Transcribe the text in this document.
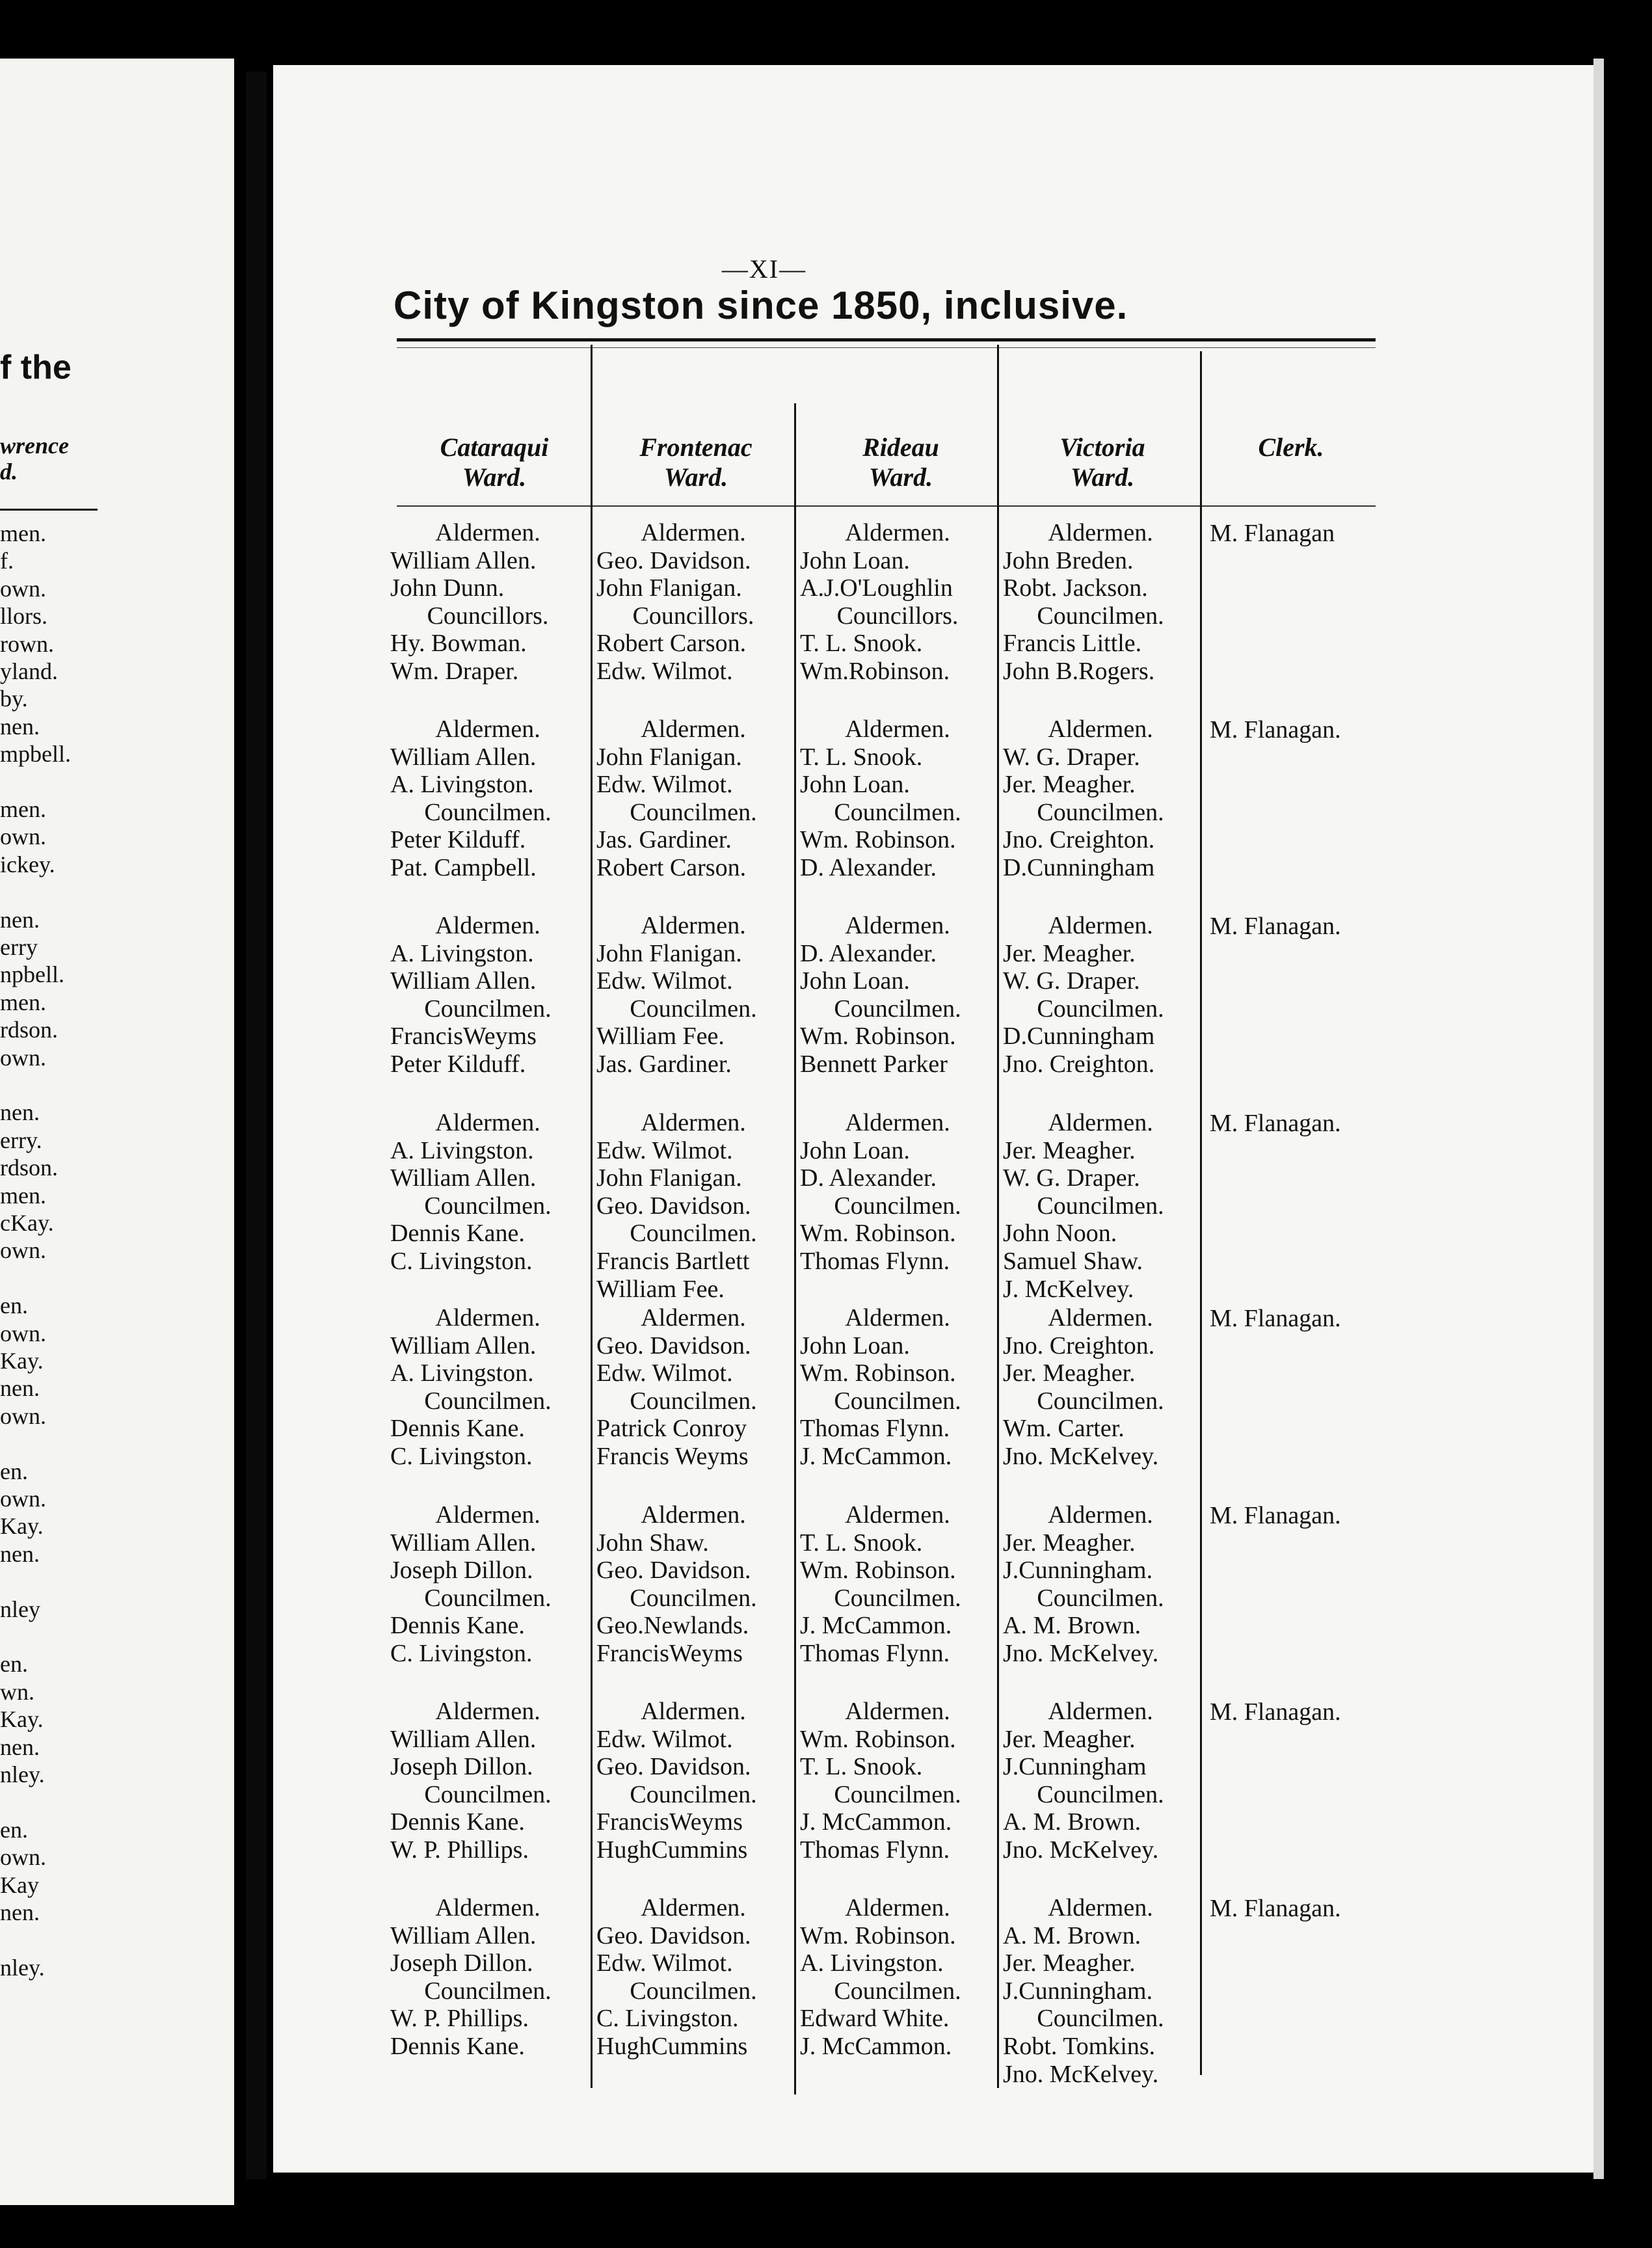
f the
wrence
d.
men.
f.
own.
llors.
rown.
yland.
by.
nen.
mpbell.
men.
own.
ickey.
nen.
erry
npbell.
men.
rdson.
own.
nen.
erry.
rdson.
men.
cKay.
own.
en.
own.
Kay.
nen.
own.
en.
own.
Kay.
nen.
nley
en.
wn.
Kay.
nen.
nley.
en.
own.
Kay
nen.
nley.
—XI—
City of Kingston since 1850, inclusive.
Cataraqui
Ward.
Frontenac
Ward.
Rideau
Ward.
Victoria
Ward.
Clerk.
Aldermen.
William Allen.
John Dunn.
Councillors.
Hy. Bowman.
Wm. Draper.
Aldermen.
Geo. Davidson.
John Flanigan.
Councillors.
Robert Carson.
Edw. Wilmot.
Aldermen.
John Loan.
A.J.O'Loughlin
Councillors.
T. L. Snook.
Wm.Robinson.
Aldermen.
John Breden.
Robt. Jackson.
Councilmen.
Francis Little.
John B.Rogers.
M. Flanagan
Aldermen.
William Allen.
A. Livingston.
Councilmen.
Peter Kilduff.
Pat. Campbell.
Aldermen.
John Flanigan.
Edw. Wilmot.
Councilmen.
Jas. Gardiner.
Robert Carson.
Aldermen.
T. L. Snook.
John Loan.
Councilmen.
Wm. Robinson.
D. Alexander.
Aldermen.
W. G. Draper.
Jer. Meagher.
Councilmen.
Jno. Creighton.
D.Cunningham
M. Flanagan.
Aldermen.
A. Livingston.
William Allen.
Councilmen.
FrancisWeyms
Peter Kilduff.
Aldermen.
John Flanigan.
Edw. Wilmot.
Councilmen.
William Fee.
Jas. Gardiner.
Aldermen.
D. Alexander.
John Loan.
Councilmen.
Wm. Robinson.
Bennett Parker
Aldermen.
Jer. Meagher.
W. G. Draper.
Councilmen.
D.Cunningham
Jno. Creighton.
M. Flanagan.
Aldermen.
A. Livingston.
William Allen.
Councilmen.
Dennis Kane.
C. Livingston.
Aldermen.
Edw. Wilmot.
John Flanigan.
Geo. Davidson.
Councilmen.
Francis Bartlett
William Fee.
Aldermen.
John Loan.
D. Alexander.
Councilmen.
Wm. Robinson.
Thomas Flynn.
Aldermen.
Jer. Meagher.
W. G. Draper.
Councilmen.
John Noon.
Samuel Shaw.
J. McKelvey.
M. Flanagan.
Aldermen.
William Allen.
A. Livingston.
Councilmen.
Dennis Kane.
C. Livingston.
Aldermen.
Geo. Davidson.
Edw. Wilmot.
Councilmen.
Patrick Conroy
Francis Weyms
Aldermen.
John Loan.
Wm. Robinson.
Councilmen.
Thomas Flynn.
J. McCammon.
Aldermen.
Jno. Creighton.
Jer. Meagher.
Councilmen.
Wm. Carter.
Jno. McKelvey.
M. Flanagan.
Aldermen.
William Allen.
Joseph Dillon.
Councilmen.
Dennis Kane.
C. Livingston.
Aldermen.
John Shaw.
Geo. Davidson.
Councilmen.
Geo.Newlands.
FrancisWeyms
Aldermen.
T. L. Snook.
Wm. Robinson.
Councilmen.
J. McCammon.
Thomas Flynn.
Aldermen.
Jer. Meagher.
J.Cunningham.
Councilmen.
A. M. Brown.
Jno. McKelvey.
M. Flanagan.
Aldermen.
William Allen.
Joseph Dillon.
Councilmen.
Dennis Kane.
W. P. Phillips.
Aldermen.
Edw. Wilmot.
Geo. Davidson.
Councilmen.
FrancisWeyms
HughCummins
Aldermen.
Wm. Robinson.
T. L. Snook.
Councilmen.
J. McCammon.
Thomas Flynn.
Aldermen.
Jer. Meagher.
J.Cunningham
Councilmen.
A. M. Brown.
Jno. McKelvey.
M. Flanagan.
Aldermen.
William Allen.
Joseph Dillon.
Councilmen.
W. P. Phillips.
Dennis Kane.
Aldermen.
Geo. Davidson.
Edw. Wilmot.
Councilmen.
C. Livingston.
HughCummins
Aldermen.
Wm. Robinson.
A. Livingston.
Councilmen.
Edward White.
J. McCammon.
Aldermen.
A. M. Brown.
Jer. Meagher.
J.Cunningham.
Councilmen.
Robt. Tomkins.
Jno. McKelvey.
M. Flanagan.
